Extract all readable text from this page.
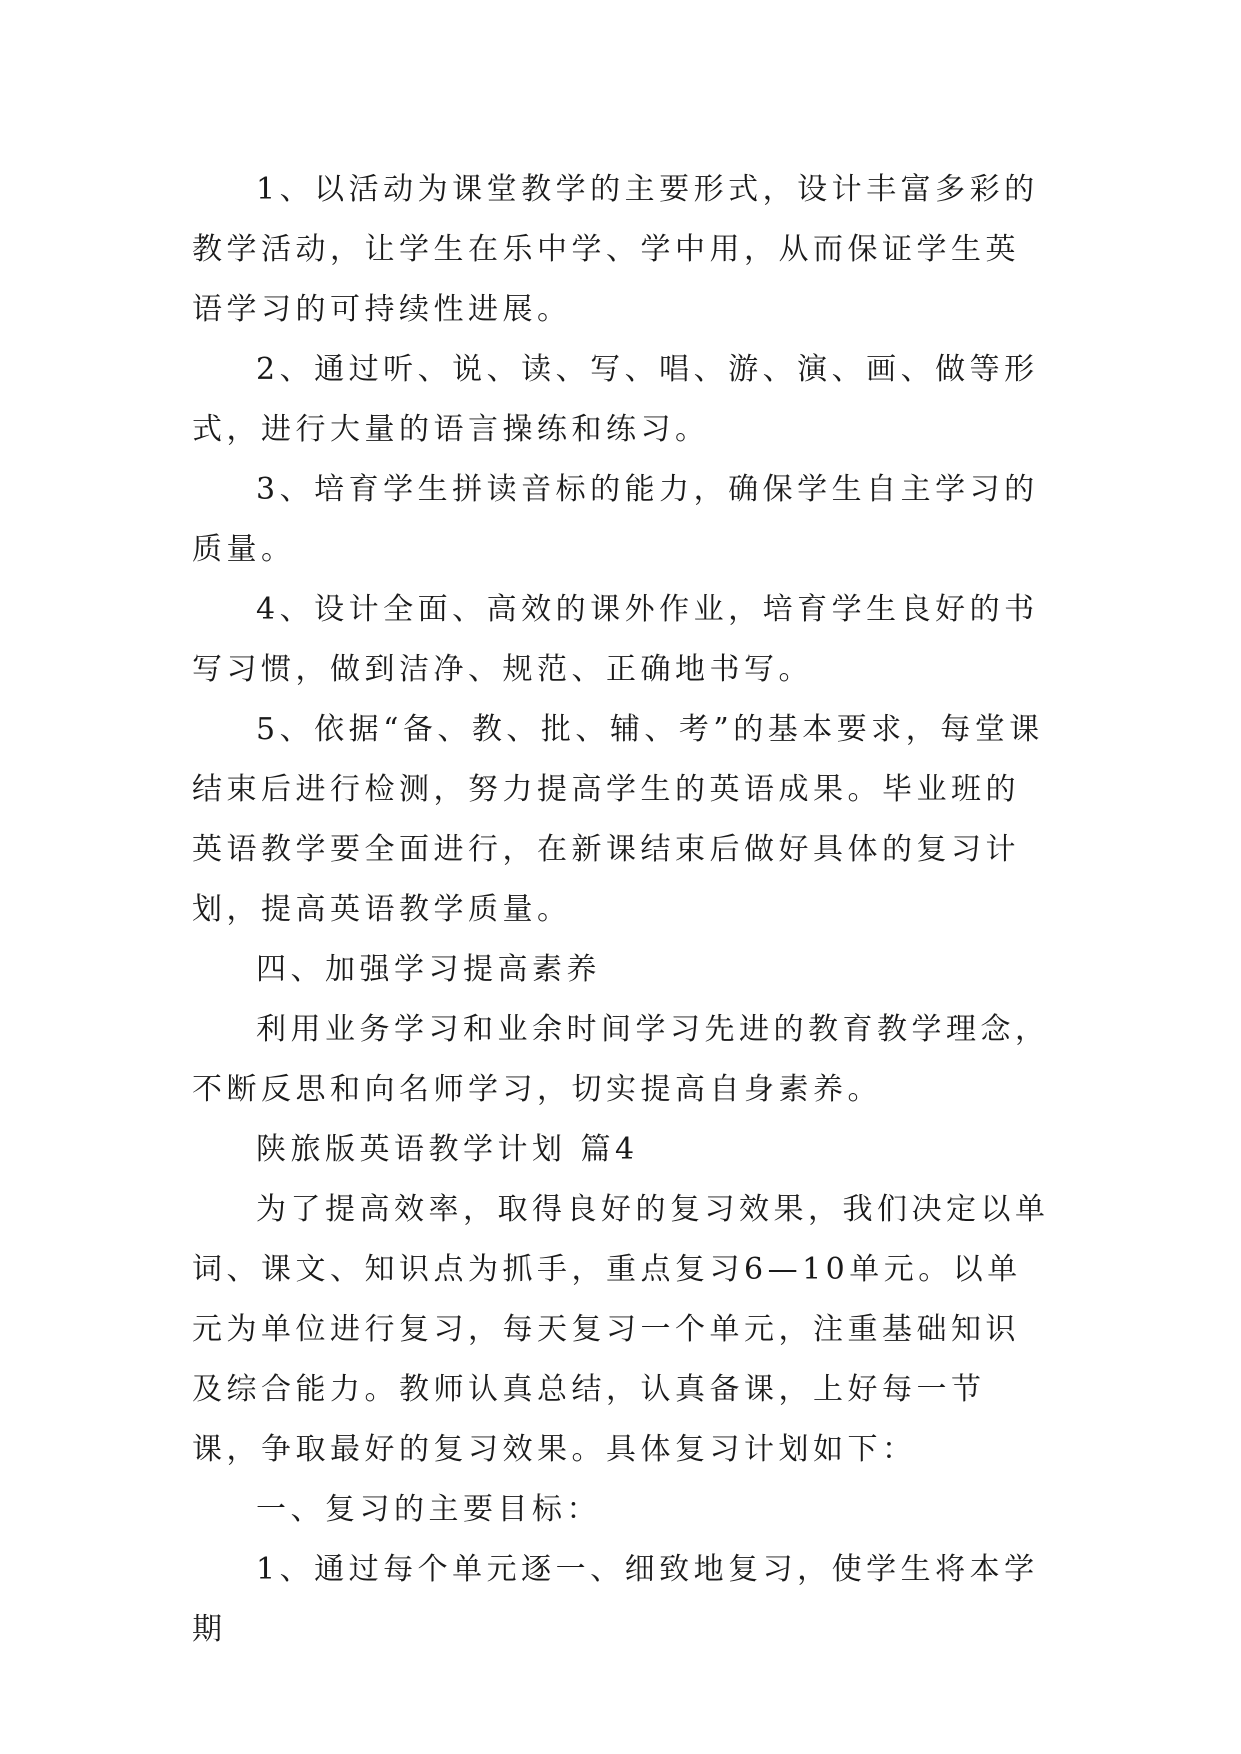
1、以活动为课堂教学的主要形式，设计丰富多彩的教学活动，让学生在乐中学、学中用，从而保证学生英语学习的可持续性进展。

2、通过听、说、读、写、唱、游、演、画、做等形式，进行大量的语言操练和练习。

3、培育学生拼读音标的能力，确保学生自主学习的质量。

4、设计全面、高效的课外作业，培育学生良好的书写习惯，做到洁净、规范、正确地书写。

5、依据“备、教、批、辅、考”的基本要求，每堂课结束后进行检测，努力提高学生的英语成果。毕业班的英语教学要全面进行，在新课结束后做好具体的复习计划，提高英语教学质量。

四、加强学习提高素养

利用业务学习和业余时间学习先进的教育教学理念，不断反思和向名师学习，切实提高自身素养。

陕旅版英语教学计划 篇4

为了提高效率，取得良好的复习效果，我们决定以单词、课文、知识点为抓手，重点复习6—10单元。以单元为单位进行复习，每天复习一个单元，注重基础知识及综合能力。教师认真总结，认真备课，上好每一节课，争取最好的复习效果。具体复习计划如下：

一、复习的主要目标：

1、通过每个单元逐一、细致地复习，使学生将本学期
